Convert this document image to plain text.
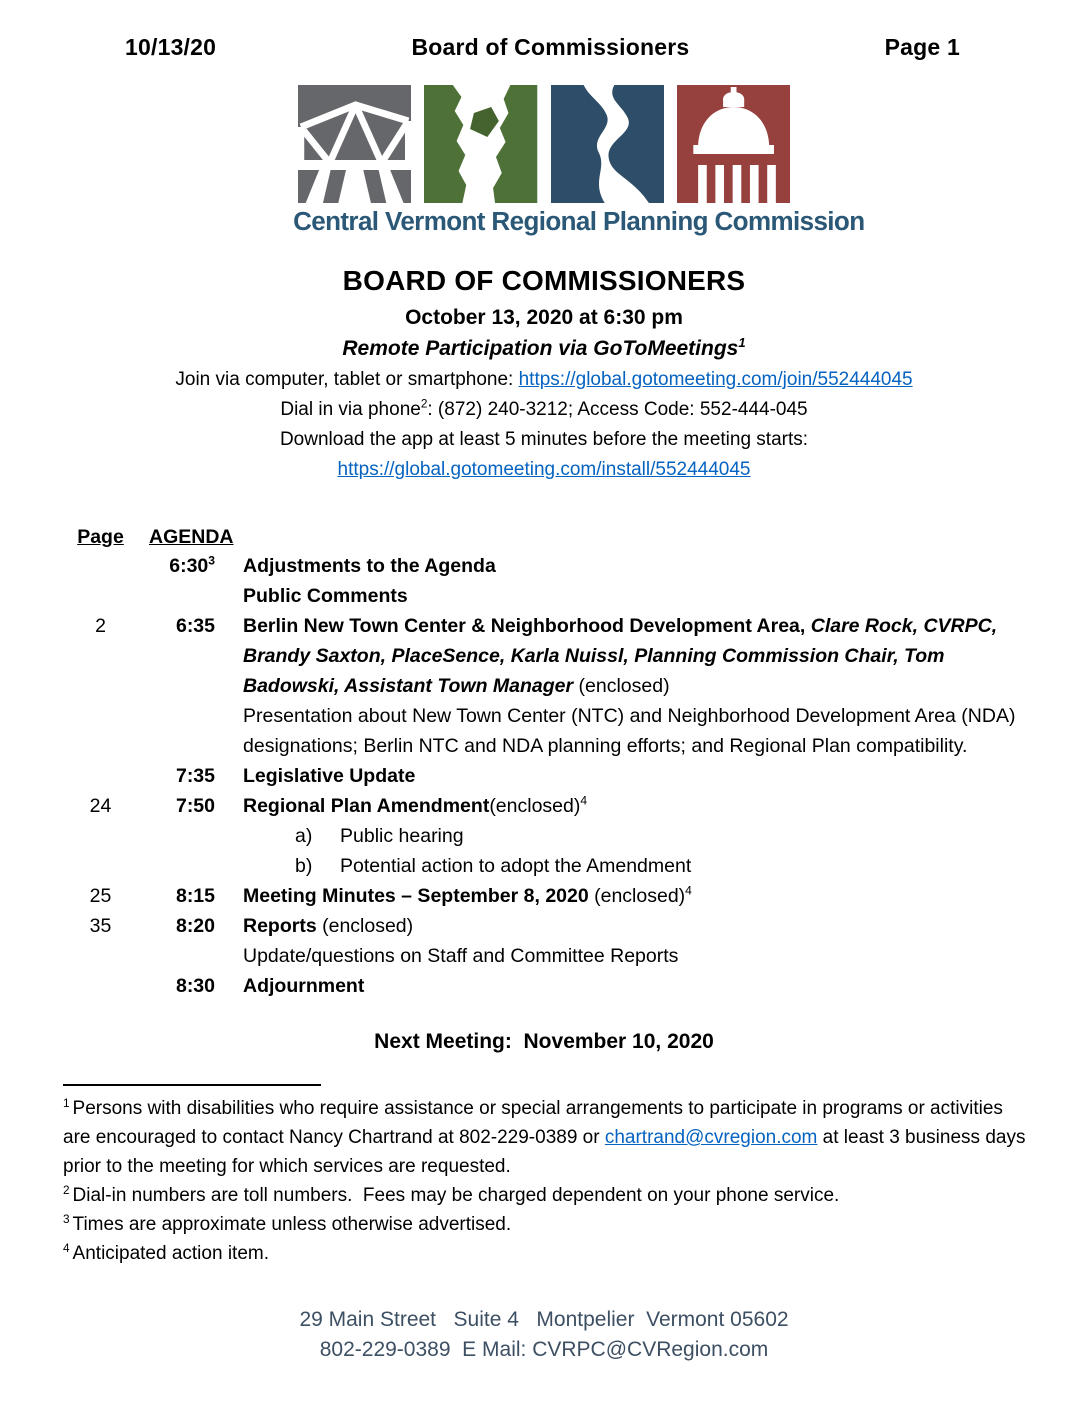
10/13/20	Board of Commissioners	Page 1
Central Vermont Regional Planning Commission
BOARD OF COMMISSIONERS
October 13, 2020 at 6:30 pm
Remote Participation via GoToMeetings$^1$
Join via computer, tablet or smartphone: https://global.gotomeeting.com/join/552444045
Dial in via phone$^2$: (872) 240-3212; Access Code: 552-444-045
Download the app at least 5 minutes before the meeting starts:
https://global.gotomeeting.com/install/552444045
Page	AGENDA
$6:30^3$	Adjustments to the Agenda
Public Comments
2	6:35	Berlin New Town Center & Neighborhood Development Area, Clare Rock, CVRPC, Brandy Saxton, PlaceSence, Karla Nuissl, Planning Commission Chair, Tom Badowski, Assistant Town Manager (enclosed)
Presentation about New Town Center (NTC) and Neighborhood Development Area (NDA) designations; Berlin NTC and NDA planning efforts; and Regional Plan compatibility.
7:35	Legislative Update
24	7:50	Regional Plan Amendment(enclosed)$^4$
a) Public hearing
b) Potential action to adopt the Amendment
25	8:15	Meeting Minutes – September 8, 2020 (enclosed)$^4$
35	8:20	Reports (enclosed)
Update/questions on Staff and Committee Reports
8:30	Adjournment
Next Meeting:  November 10, 2020

$^1$ Persons with disabilities who require assistance or special arrangements to participate in programs or activities are encouraged to contact Nancy Chartrand at 802-229-0389 or chartrand@cvregion.com at least 3 business days prior to the meeting for which services are requested.

$^2$ Dial-in numbers are toll numbers.  Fees may be charged dependent on your phone service.

$^3$ Times are approximate unless otherwise advertised.

$^4$ Anticipated action item.

29 Main Street   Suite 4   Montpelier  Vermont 05602
802-229-0389  E Mail: CVRPC@CVRegion.com
